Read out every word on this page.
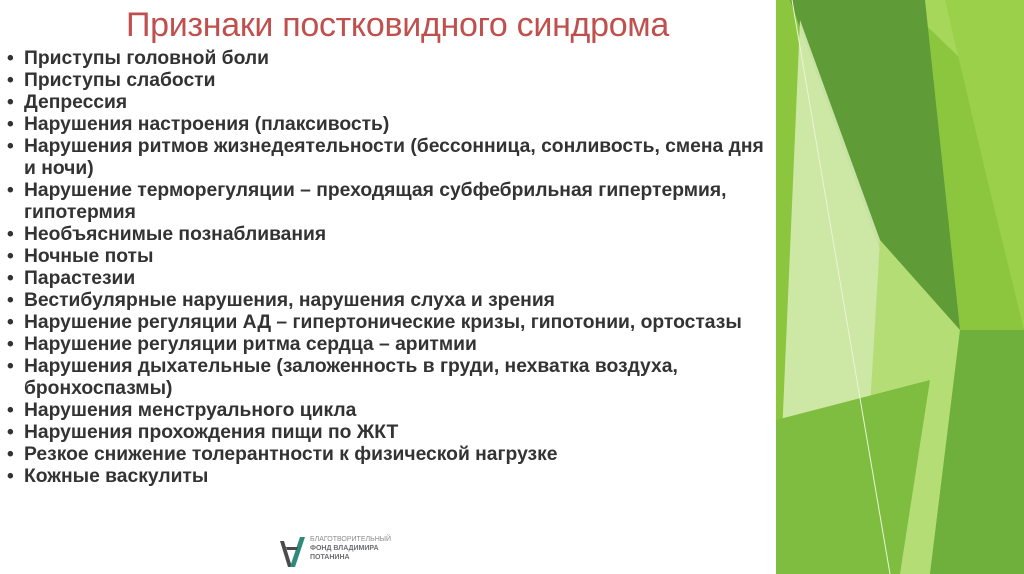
Признаки постковидного синдрома
• Приступы головной боли
• Приступы слабости
• Депрессия
• Нарушения настроения (плаксивость)
• Нарушения ритмов жизнедеятельности (бессонница, сонливость, смена дня и ночи)
• Нарушение терморегуляции – преходящая субфебрильная гипертермия, гипотермия
• Необъяснимые познабливания
• Ночные поты
• Парастезии
• Вестибулярные нарушения, нарушения слуха и зрения
• Нарушение регуляции АД – гипертонические кризы, гипотонии, ортостазы
• Нарушение регуляции ритма сердца – аритмии
• Нарушения дыхательные (заложенность в груди, нехватка воздуха, бронхоспазмы)
• Нарушения менструального цикла
• Нарушения прохождения пищи по ЖКТ
• Резкое снижение толерантности к физической нагрузке
• Кожные васкулиты
БЛАГОТВОРИТЕЛЬНЫЙ
ФОНД ВЛАДИМИРА
ПОТАНИНА
